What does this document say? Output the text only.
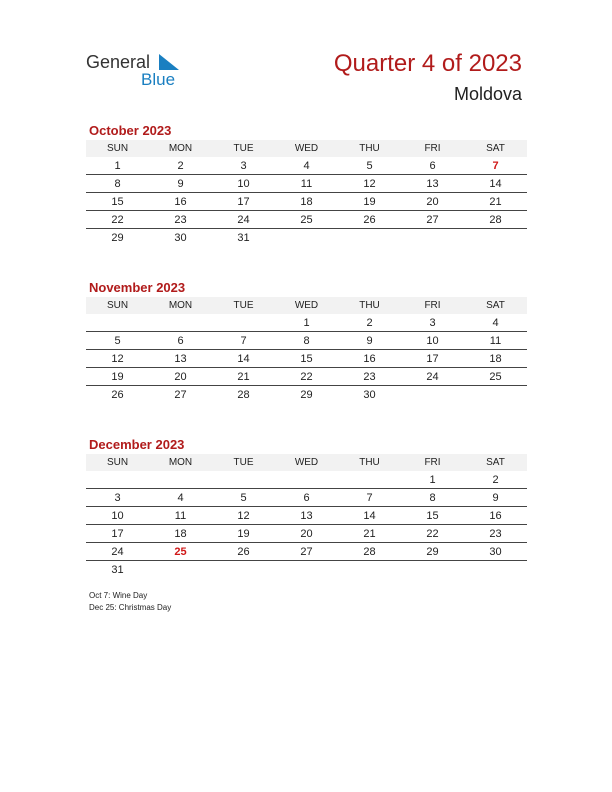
General
Blue
Quarter 4 of 2023
Moldova
October 2023
SUN	MON	TUE	WED	THU	FRI	SAT
1	2	3	4	5	6	7
8	9	10	11	12	13	14
15	16	17	18	19	20	21
22	23	24	25	26	27	28
29	30	31				
November 2023
SUN	MON	TUE	WED	THU	FRI	SAT
			1	2	3	4
5	6	7	8	9	10	11
12	13	14	15	16	17	18
19	20	21	22	23	24	25
26	27	28	29	30		
December 2023
SUN	MON	TUE	WED	THU	FRI	SAT
					1	2
3	4	5	6	7	8	9
10	11	12	13	14	15	16
17	18	19	20	21	22	23
24	25	26	27	28	29	30
31						
Oct 7: Wine Day
Dec 25: Christmas Day
